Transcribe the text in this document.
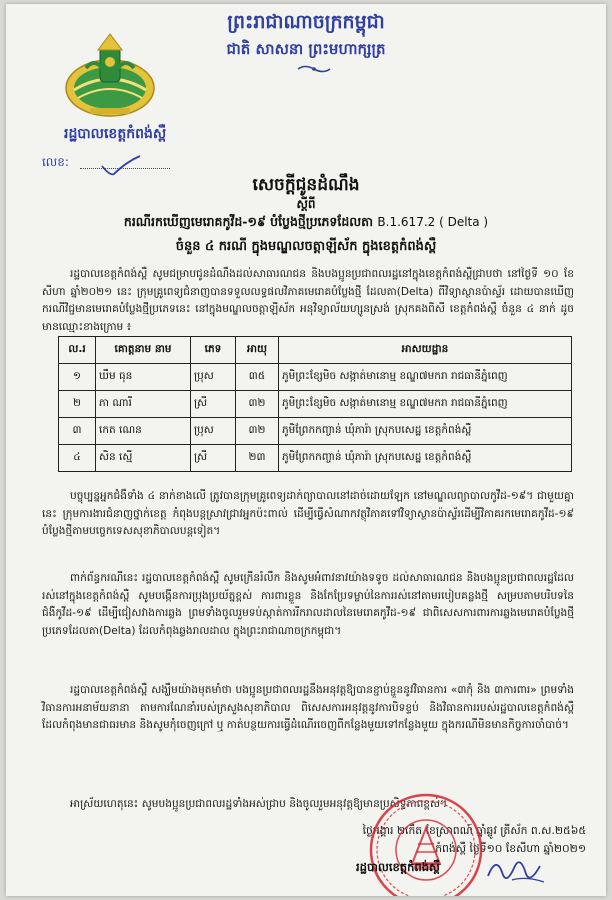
ព្រះរាជាណាចក្រកម្ពុជា
ជាតិ សាសនា ព្រះមហាក្សត្រ
រដ្ឋបាលខេត្តកំពង់ស្ពឺ
លេខ:
សេចក្ដីជូនដំណឹង
ស្ដីពី
ករណីរកឃើញមេរោគកូវីដ-១៩ បំប្លែងថ្មីប្រភេទដែលតា B.1.617.2 ( Delta )
ចំនួន ៤ ករណី ក្នុងមណ្ឌលចត្តាឡីស័ក ក្នុងខេត្តកំពង់ស្ពឺ
រដ្ឋបាលខេត្តកំពង់ស្ពឺ សូមជម្រាបជូនដំណឹងដល់សាធារណជន និងបងប្អូនប្រជាពលរដ្ឋនៅក្នុងខេត្តកំពង់ស្ពឺជ្រាបថា នៅថ្ងៃទី ១០ ខែសីហា ឆ្នាំ២០២១ នេះ ក្រុមគ្រូពេទ្យជំនាញបានទទួលលទ្ធផលវិភាគមេរោគបំប្លែងថ្មី ដែលតា(Delta) ពីវិទ្យាស្ថានប៉ាស្ទ័រ ដោយបានឃើញករណីវិជ្ជមានមេរោគបំប្លែងថ្មីប្រភេទនេះ នៅក្នុងមណ្ឌលចត្តាឡីស័ក អនុវិទ្យាល័យហ្សូនស្រង់ ស្រុកគងពិសី ខេត្តកំពង់ស្ពឺ ចំនួន ៤ នាក់ ដូចមានឈ្មោះខាងក្រោម ៖
ល.រ	គោត្តនាម នាម	ភេទ	អាយុ	អាសយដ្ឋាន
១	ឃឹម ធុន	ប្រុស	៣៥	ភូមិព្រះខ្សែមិច សង្កាត់មានោម្ម ខណ្ឌ៧មករា រាជធានីភ្នំពេញ
២	ភា ណារី	ស្រី	៣២	ភូមិព្រះខ្សែមិច សង្កាត់មានោម្ម ខណ្ឌ៧មករា រាជធានីភ្នំពេញ
៣	កេត ណេន	ប្រុស	៣២	ភូមិព្រែកកញ្ចាន់ ឃុំភារ៉ា ស្រុកបសេដ្ឋ ខេត្តកំពង់ស្ពឺ
៤	សិន ស្មើ	ស្រី	២៣	ភូមិព្រែកកញ្ចាន់ ឃុំភារ៉ា ស្រុកបសេដ្ឋ ខេត្តកំពង់ស្ពឺ
បច្ចុប្បន្នអ្នកជំងឺទាំង ៤ នាក់ខាងលើ ត្រូវបានក្រុមគ្រូពេទ្យដាក់ព្យាបាលនៅដាច់ដោយឡែក នៅមណ្ឌលព្យាបាលកូវីដ-១៩។ ជាមួយគ្នានេះ ក្រុមការងារជំនាញថ្នាក់ខេត្ត កំពុងបន្តស្រាវជ្រាវអ្នកប៉ះពាល់ ដើម្បីធ្វើសំណាកវត្ថុវិភាគទៅវិទ្យាស្ថានប៉ាស្ទ័រដើម្បីវិភាគរកមេរោគកូវីដ-១៩ បំប្លែងថ្មីតាមបច្ចេកទេសសុខាភិបាលបន្តទៀត។
ពាក់ព័ន្ធករណីនេះ រដ្ឋបាលខេត្តកំពង់ស្ពឺ សូមក្រើនរំលឹក និងសូមអំពាវនាវយ៉ាងទទូច ដល់សាធារណជន និងបងប្អូនប្រជាពលរដ្ឋដែលរស់នៅក្នុងខេត្តកំពង់ស្ពឺ សូមបង្កើនការប្រុងប្រយ័ត្នខ្ពស់ ការពារខ្លួន និងកែប្រែទម្លាប់នៃការរស់នៅតាមរបៀបគន្លងថ្មី សម្របតាមបរិបទនៃជំងឺកូវីដ-១៩ ដើម្បីជៀសវាងការឆ្លង ព្រមទាំងចូលរួមទប់ស្កាត់ការរីករាលដាលនៃមេរោគកូវីដ-១៩ ជាពិសេសការពារការឆ្លងមេរោគបំប្លែងថ្មីប្រភេទដែលតា(Delta) ដែលកំពុងឆ្លងរាលដាល ក្នុងព្រះរាជាណាចក្រកម្ពុជា។
រដ្ឋបាលខេត្តកំពង់ស្ពឺ សង្ឃឹមយ៉ាងមុតមាំថា បងប្អូនប្រជាពលរដ្ឋនឹងអនុវត្តឱ្យបានខ្ជាប់ខ្ជួននូវវិធានការ «៣កុំ និង ៣ការពារ» ព្រមទាំងវិធានការអនាម័យនានា តាមការណែនាំរបស់ក្រសួងសុខាភិបាល ពិសេសការអនុវត្តនូវការបិទខ្ទប់ និងវិធានការរបស់រដ្ឋបាលខេត្តកំពង់ស្ពឺ ដែលកំពុងមានជាធរមាន និងសូមកុំចេញក្រៅ ឬ កាត់បន្ថយការធ្វើដំណើរចេញពីកន្លែងមួយទៅកន្លែងមួយ ក្នុងករណីមិនមានកិច្ចការចាំបាច់។
អាស្រ័យហេតុនេះ សូមបងប្អូនប្រជាពលរដ្ឋទាំងអស់ជ្រាប និងចូលរួមអនុវត្តឱ្យមានប្រសិទ្ធភាពខ្ពស់។
ថ្ងៃអង្គារ ២កើត ខែស្រាពណ៍ ឆ្នាំឆ្លូវ ត្រីស័ក ព.ស.២៥៦៥
កំពង់ស្ពឺ ថ្ងៃទី១០ ខែសីហា ឆ្នាំ២០២១
រដ្ឋបាលខេត្តកំពង់ស្ពឺ
